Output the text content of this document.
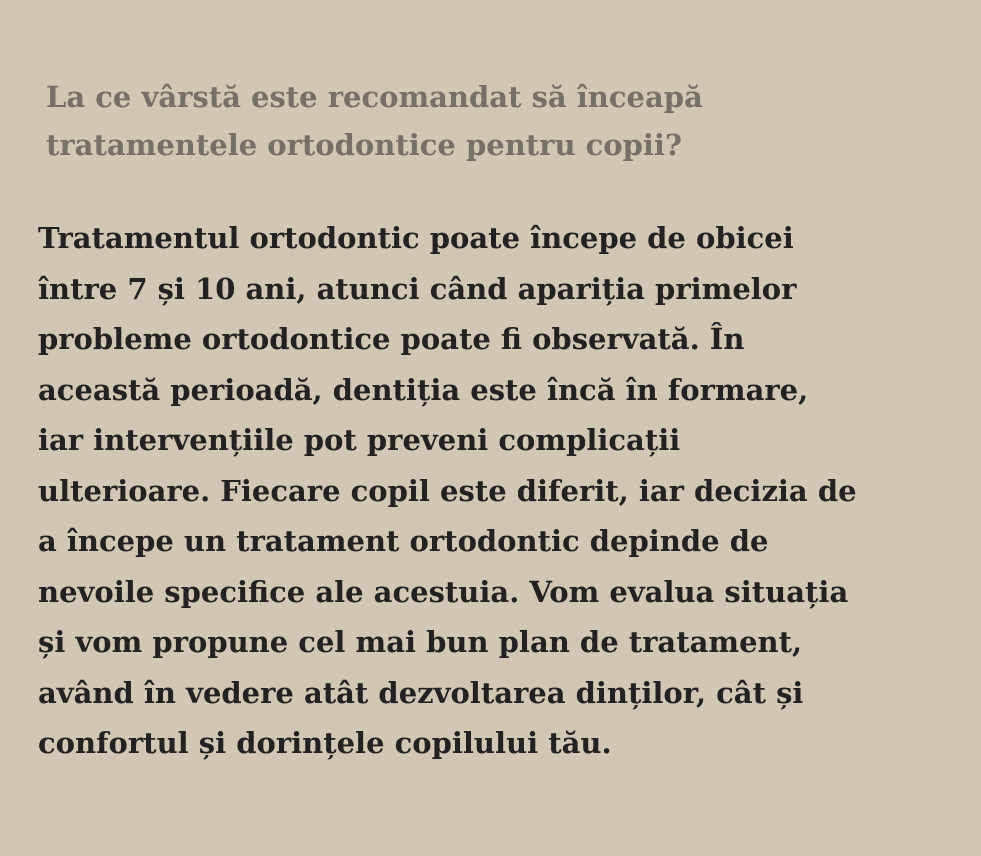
La ce vârstă este recomandat să înceapă
tratamentele ortodontice pentru copii?

Tratamentul ortodontic poate începe de obicei
între 7 și 10 ani, atunci când apariția primelor
probleme ortodontice poate fi observată. În
această perioadă, dentiția este încă în formare,
iar intervențiile pot preveni complicații
ulterioare. Fiecare copil este diferit, iar decizia de
a începe un tratament ortodontic depinde de
nevoile specifice ale acestuia. Vom evalua situația
și vom propune cel mai bun plan de tratament,
având în vedere atât dezvoltarea dinților, cât și
confortul și dorințele copilului tău.
